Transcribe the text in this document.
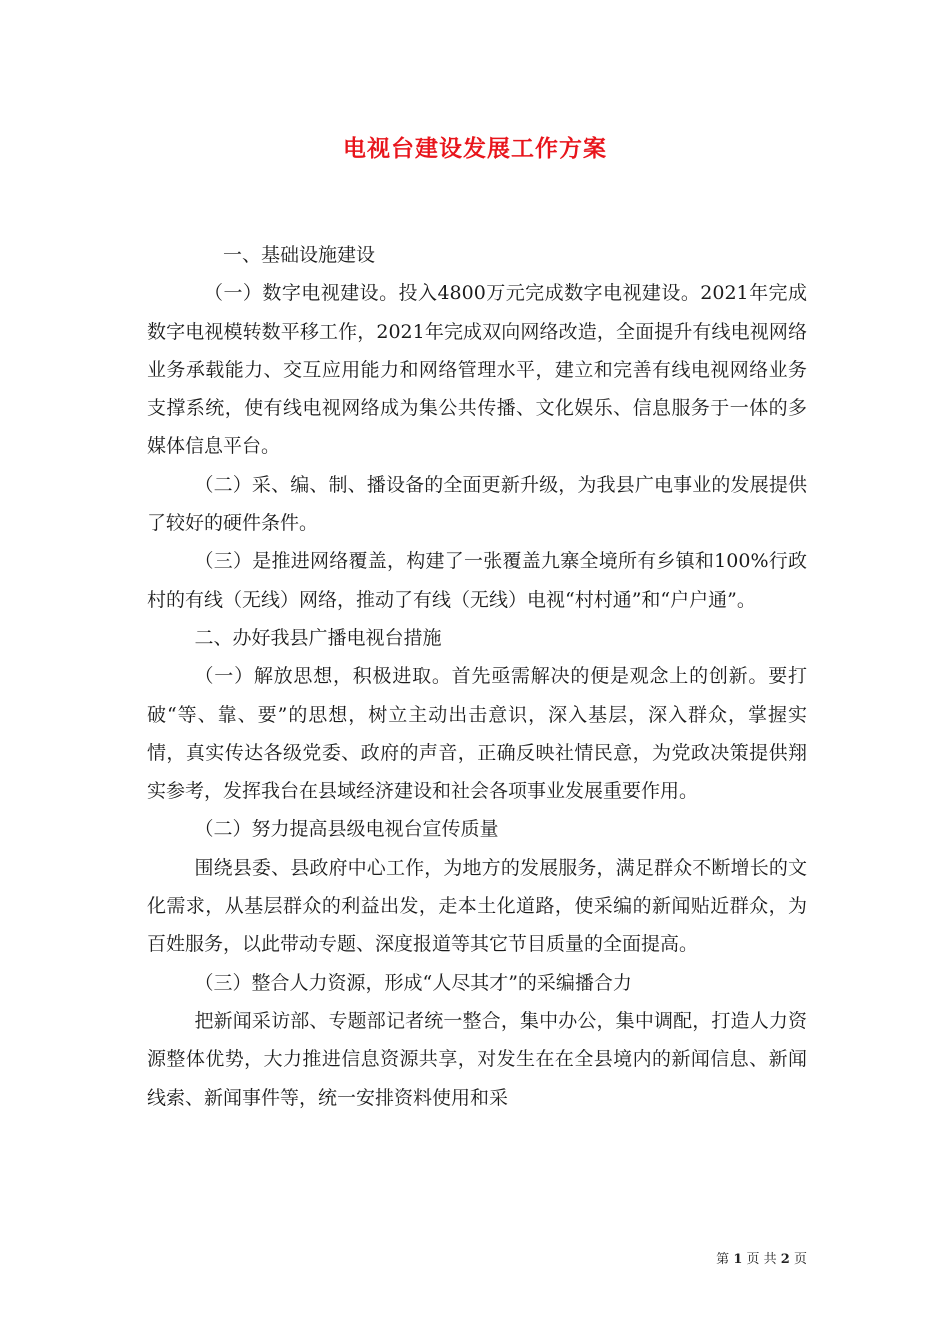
电视台建设发展工作方案

一、基础设施建设

（一）数字电视建设。投入4800万元完成数字电视建设。2021年完成数字电视模转数平移工作，2021年完成双向网络改造，全面提升有线电视网络业务承载能力、交互应用能力和网络管理水平，建立和完善有线电视网络业务支撑系统，使有线电视网络成为集公共传播、文化娱乐、信息服务于一体的多媒体信息平台。

（二）采、编、制、播设备的全面更新升级，为我县广电事业的发展提供了较好的硬件条件。

（三）是推进网络覆盖，构建了一张覆盖九寨全境所有乡镇和100%行政村的有线（无线）网络，推动了有线（无线）电视“村村通”和“户户通”。

二、办好我县广播电视台措施

（一）解放思想，积极进取。首先亟需解决的便是观念上的创新。要打破“等、靠、要”的思想，树立主动出击意识，深入基层，深入群众，掌握实情，真实传达各级党委、政府的声音，正确反映社情民意，为党政决策提供翔实参考，发挥我台在县域经济建设和社会各项事业发展重要作用。

（二）努力提高县级电视台宣传质量

围绕县委、县政府中心工作，为地方的发展服务，满足群众不断增长的文化需求，从基层群众的利益出发，走本土化道路，使采编的新闻贴近群众，为百姓服务，以此带动专题、深度报道等其它节目质量的全面提高。

（三）整合人力资源，形成“人尽其才”的采编播合力

把新闻采访部、专题部记者统一整合，集中办公，集中调配，打造人力资源整体优势，大力推进信息资源共享，对发生在在全县境内的新闻信息、新闻线索、新闻事件等，统一安排资料使用和采

第 1 页 共 2 页
